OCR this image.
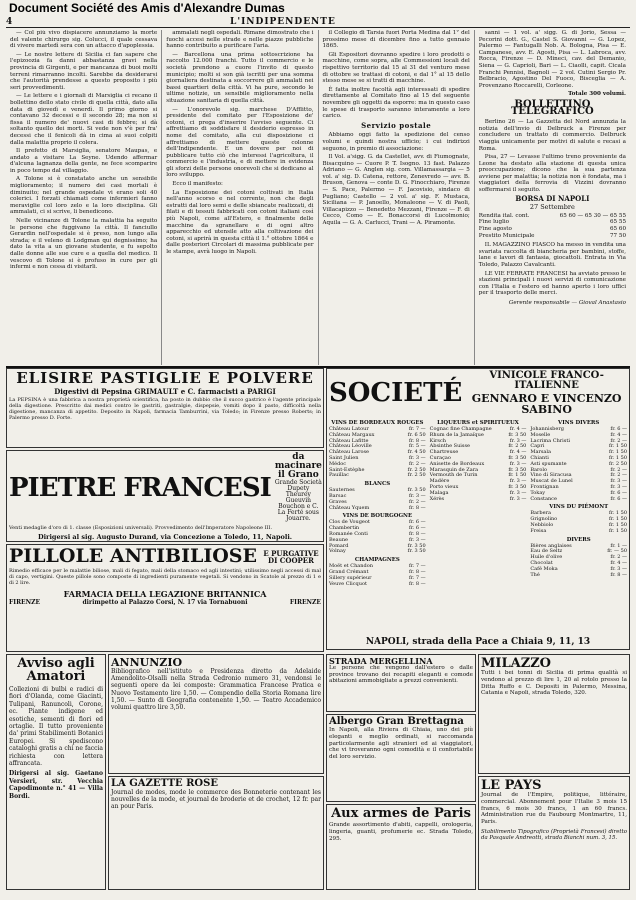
Document Société des Amis d'Alexandre Dumas
4	L'INDIPENDENTE

— Col più vivo dispiacere annunziamo la morte del valente chirurgo sig. Colucci, il quale cessava di vivere martedì sera con un attacco d'apoplessia.

— Le nostre lettere di Sicilia ci fan sapere che l'epizoozia fa danni abbastanza gravi nella provincia di Girgenti, e per mancanza di buoi molti terreni rimarranno incolti. Sarebbe da desiderarsi che l'autorità prendesse a questo proposito i più seri provvedimenti.

— Le lettere e i giornali di Marsiglia ci recano il bollettino dello stato civile di quella città, dato alla data di giovedì e venerdì. Il primo giorno si contavano 32 decessi e il secondo 28; ma non si fissa il numero de' nuovi casi di febbre; si dà soltanto quello dei morti. Si vede non v'è per fra' decessi che il fenicoli dà in cima ai suoi colpiti dalla malattia proprio il colera.

Il prefetto di Marsiglia, senatore Maupas, e andato a visitare La Seyne. Udendo affermar d'alcuna lagnanza della gente, ne fece scomparire in poco tempo dal villaggio.

A Tolone si è constatato anche un sensibile miglioramento; il numero dei casi mortali è diminuito; nel grande ospedale vi erano soli 40 colerici. I forzati chiamati come infermieri fanno meraviglie col loro zelo e la loro disciplina. Gli ammalati, ci si scrive, li benedicono.

Nelle vicinanze di Tolone la malattia ha seguito le persone che fuggivano la città. Il fanciullo Gerardin nell'ospedale si è preso, non lungo alla strada; e il veleno di Lodgman qui degnissimo; ha dato la vita a un giovane studente, e fu sepolto dalle donne alle sue cure e a quella del medico. Il vescovo di Tolone si è profuso in cure per gli infermi e non cessa di visitarli.

ammalati negli ospedali. Rimane dimostrato che i fuochi accesi nelle strade e nelle piazze pubbliche hanno contribuito a purificare l'aria.

— Barcellona una prima sottoscrizione ha raccolto 12.000 franchi. Tutto il commercio e le società prendono a cuore l'invito di questo municipio; molti si son già iscritti per una somma giornaliera destinata a soccorrere gli ammalati nei bassi quartieri della città. Vi ha pure, secondo le ultime notizie, un sensibile miglioramento nella situazione sanitaria di quella città.

— L'onorevole sig. marchese D'Afflitto, presidente del comitato per l'Esposizione de' cotoni, ci prega d'inserire l'avviso seguente. Ci affrettiamo di soddisfare il desiderio espresso in nome del comitato, alla cui disposizione ci affrettiamo di mettere queste colonne dell'Indipendente. E un dovere per noi di pubblicare tutto ciò che interessi l'agricoltura, il commercio e l'industria, e di mettere in evidenza gli sforzi delle persone onorevoli che si dedicano al loro sviluppo.

Ecco il manifesto:

La Esposizione dei cotoni coltivati in Italia nell'anno scorso e nel corrente, non che degli estratti dal loro semi e delle sbiancate realizzati, di filati e di tessuti fabbricati con cotoni italiani così più Napoli, come all'Estero, e finalmente delle macchine da sgranellare e di ogni altro apparecchio ed utensile atto alla coltivazione dei cotoni, si aprirà in questa città il 1.° ottobre 1864 e dalle posteriori Circolari di massima pubblicate per le stampe, avrà luogo in Napoli.

il Collegio di Tarsia fuori Porta Medina dal 1° del prossimo mese di dicembre fino a tutto gennaio 1865.

Gli Espositori dovranno spedire i loro prodotti o macchine, come sopra, alle Commessioni locali del rispettivo territorio dal 15 al 31 del venturo mese di ottobre se trattasi di cotoni, e dal 1° al 15 dello stesso mese se si tratti di macchine.

È fatta inoltre facoltà agli interessati di spedire direttamente al Comitato fino al 15 del seguente novembre gli oggetti da esporre: ma in questo caso le spese di trasporto saranno interamente a loro carico.

Servizio postale

Abbiamo oggi fatto la spedizione del censo volumi e quindi nostra ufficio; i cui indirizzi seguono, in premio di associazione:

Il Vol. a'sigg. G. da Castellet, avv. di Fiumognate, Bisacquino — Cuore P. T. Isogno. 13 fast. Palazzo Adriano — G. Anglen sig. com. Villamassargia — 5 vol. a' sig. D. Catena, rettore, Zenevredo — avv. B. Bruson, Genova — conte D. G. Finocchiaro, Firenze — S. Pace, Palermo — F. Jacovisio, sindaco di Pugliano; Castello — 2 vol. a' sig. F. Mustaca, Siciliana — P. Janoello, Monaleone — V. di Paoli, Villacapizzo — Benedetto Mezzani, Firenze — F. di Cecco, Como — E. Bonaccorsi di Lucolmonio; Aquila — G. A. Carlucci, Trani — A. Piramonte.

sanni — 1 vol. a' sigg. G. di Jorio, Sessa — Pecorini dott. G., Castel S. Giovanni — G. Lopez, Palermo — Fantugalli Nob. A. Bologna, Pisa — E. Campanese, avv. E. Agosti, Pisa — L. Labroca, avv. Rocca, Firenze — D. Mineci, cav. del Demanio, Siena — G. Caprioli, Bari — L. Ciaolli, capit. Cicala Franchi Pennisi, Bagnoli — 2 vol. Cutini Sergio Pr. Belbracio, Agostino Del Fuoco, Bisceglia — A. Provenzano Roccarelli, Corleone.

Totale 300 volumi.

BOLLETTINO TELEGRAFICO

Berlino 26 — La Gazzetta del Nord annunzia la notizia dell'invio di Delbruck a Firenze per concludere un trattato di commercio. Delbruck viaggia unicamente per motivi di salute e recasi a Roma.

Pisa, 27 — Levasse l'ultimo treno proveniente da Leone ha destato alla stazione di questa unica preoccupazione; dicono che la sua partenza avviene per malattia; la notizia non è fondata, ma i viaggiatori della ferrovia di Vizzini dovranno soffermarsi il seguito.

BORSA DI NAPOLI
27 Settembre
Rendita ital. cont.	65 60 — 65 30 — 65 55
Fine luglio	65 55
Fine agosto	65 60
Prestito Municipale	77 50

IL MAGAZZINO FIASCO ha messo in vendita una svariata raccolta di biancheria per bambini, stoffe, lane e lavori di fantasia, giocattoli. Entrata in Via Toledo, Palazzo Cavalcanti.

LE VIE FERRATE FRANCESI ha avviato presso le stazioni principali i nuovi servizi di comunicazione con l'Italia e l'estero ed hanno aperto i loro uffici per il trasporto delle merci.

Gerente responsabile — Gioval Anastasio
ELISIRE PASTIGLIE E POLVERE
Digestivi di Pepsina GRIMAULT e C. farmacisti a PARIGI
La PEPSINA è una fabbrica a nostra proprietà scientifica, ha posto in dubbio che il succo gastrico è l'agente principale della digestione. Prescritto dai medici contro le gastriti, gastralgie, dispepsie, vomiti dopo il pasto, difficoltà nella digestione, mancanza di appetito. Deposito in Napoli, farmacia Tamburrini, via Toledo; in Firenze presso Roberts; in Palermo presso D. Forte.
PIETRE FRANCESI
da macinare il Grano
Grande Società Dupety Theurey Gueuvin Bouchon e C. La Ferté sous Jouarre.
Venti medaglie d'oro di 1. classe (Esposizioni universali). Provvedimento dell'Imperatore Napoleone III.
Dirigersi al sig. Augusto Durand, via Concezione a Toledo, 11, Napoli.
PILLOLE ANTIBILIOSE E PURGATIVE DI COOPER
Rimedio efficace per le malattie biliose, mali di fegato, mali della stomaco ed agli intestini; utilissimo negli accessi di mal di capo, vertigini. Queste pillole sono composte di ingredienti puramente vegetali. Si vendono in Scatole al prezzo di 1 e di 2 lire.
FARMACIA DELLA LEGAZIONE BRITANNICA
FIRENZE	dirimpetto al Palazzo Corsi, N. 17 via Tornabuoni	FIRENZE
Avviso agli Amatori
Collezioni di bulbi e radici di fiori d'Olanda, come Giacinti, Tulipani, Ranuncoli, Corone, ec. Piante indigene ed esotiche, sementi di fiori ed ortaglie. Il tutto proveniente da' primi Stabilimenti Botanici Europei. Si spediscono cataloghi gratis a chi ne faccia richiesta con lettera affrancata.
Dirigersi al sig. Gaetano Versieri, str. Vecchia Capodimonte n.° 41 — Villa Bordi.
ANNUNZIO
Bibliografico nell'istituto e Presidenza diretto da Adelaide Amendolito-Olsalli nella Strada Cedronio numero 31, vendonsi le seguenti opere da lei composte: Grammatica Francese Pratica e Nuovo Testamento lire 1,50. — Compendio della Storia Romana lire 1,50. — Sunto di Geografia contenente 1,50. — Teatro Accademico volumi quattro lire 3,50.
LA GAZETTE ROSE
Journal de modes, mode le commerce des Bonneterie contenant les nouvelles de la mode, et journal de broderie et de crochet, 12 fr. par an pour Paris.
SOCIETÉ
VINICOLE FRANCO-ITALIENNE
GENNARO E VINCENZO SABINO
VINS DE BORDEAUX ROUGES
Château Latour	fr. 7 —
Château Margaux	fr. 6 50
Château Lafitte	fr. 8 —
Château Léoville	fr. 5 —
Château Larose	fr. 4 50
Saint Julien	fr. 3 —
Médoc	fr. 2 —
Saint-Estèphe	fr. 2 50
Pauillac	fr. 2 50
BLANCS
Sauternes	fr. 3 50
Barsac	fr. 3 —
Graves	fr. 2 —
Château Yquem	fr. 8 —
VINS DE BOURGOGNE
Clos de Vougeot	fr. 6 —
Chambertin	fr. 6 —
Romanée Conti	fr. 8 —
Beaune	fr. 3 —
Pomard	fr. 3 50
Volnay	fr. 3 50
CHAMPAGNES
Moët et Chandon	fr. 7 —
Grand Crémant	fr. 8 —
Sillery supérieur	fr. 7 —
Veuve Clicquot	fr. 8 —
LIQUEURS et SPIRITUEUX
Cognac fine Champagne	fr. 4 —
Rhum de la Jamaïque	fr. 3 50
Kirsch	fr. 3 —
Absinthe Suisse	fr. 2 50
Chartreuse	fr. 4 —
Curaçao	fr. 3 50
Anisette de Bordeaux	fr. 3 —
Marasquin de Zara	fr. 3 50
Vermouth de Turin	fr. 1 50
Madère	fr. 3 —
Porto vieux	fr. 3 50
Malaga	fr. 3 —
Xérès	fr. 3 —
VINS DIVERS
Johannisberg	fr. 6 —
Moselle	fr. 4 —
Lacrima Christi	fr. 2 —
Capri	fr. 1 50
Marsala	fr. 1 50
Chianti	fr. 1 50
Asti spumante	fr. 2 50
Barolo	fr. 2 —
Vino di Siracusa	fr. 2 —
Muscat de Lunel	fr. 3 —
Frontignan	fr. 3 —
Tokay	fr. 6 —
Constance	fr. 6 —
VINS DU PIÉMONT
Barbera	fr. 1 50
Grignolino	fr. 1 50
Nebbiolo	fr. 1 50
Freisa	fr. 1 50
DIVERS
Bières anglaises	fr. 1 —
Eau de Seltz	fr. — 50
Huile d'olive	fr. 2 —
Chocolat	fr. 4 —
Café Moka	fr. 3 —
Thé	fr. 8 —
NAPOLI, strada della Pace a Chiaia 9, 11, 13
STRADA MERGELLINA
Le persone che vengono dall'estero o dalle province trovano dei recapiti eleganti e comode abitazioni ammobigliate a prezzi convenienti.
Albergo Gran Brettagna
In Napoli, alla Riviera di Chiaia, uno dei più eleganti e meglio ordinati, si raccomanda particolarmente agli stranieri ed ai viaggiatori, che vi troveranno ogni comodità e il confortabile del loro servizio.
Aux armes de Paris
Grande assortimento d'abiti, cappelli, orologeria, lingeria, guanti, profumerie ec. Strada Toledo, 295.
MILAZZO
Tutti i bei tonni di Sicilia di prima qualità si vendono al prezzo di lire 1, 20 al rotolo presso la Ditta Ruffo e C. Depositi in Palermo, Messina, Catania e Napoli, strada Toledo, 320.
LE PAYS
Journal de l'Empire, politique, littéraire, commercial. Abonnement pour l'Italie 3 mois 15 francs, 6 mois 30 francs, 1 an 60 francs. Administration rue du Faubourg Montmartre, 11, Paris.
Stabilimento Tipografico (Proprietà Francesi) diretto da Pasquale Andreotti, strada Bianchi num. 3, 15.
